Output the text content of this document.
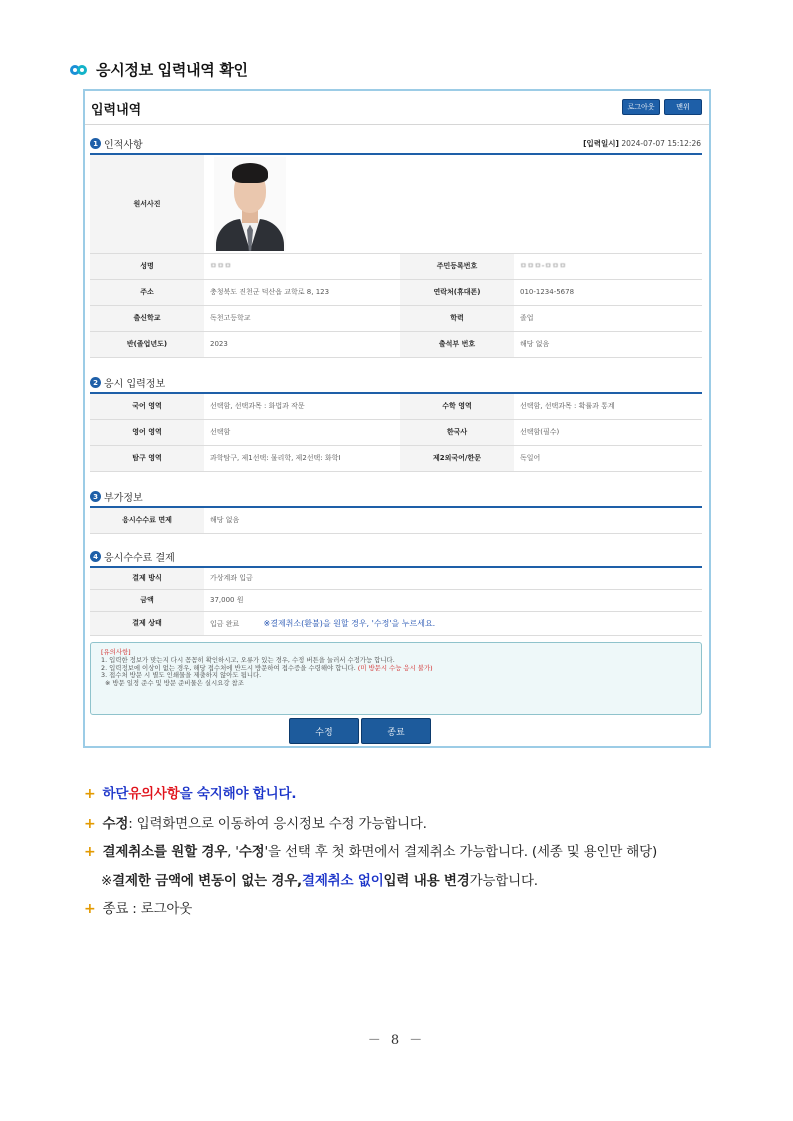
응시정보 입력내역 확인
입력내역	로그아웃	맨위
1 인적사항	[입력일시] 2024-07-07 15:12:26
원서사진			

성명	ㅁㅁㅁ	주민등록번호	ㅁㅁㅁ-ㅁㅁㅁ
주소	충청북도 진천군 덕산읍 교학로 8, 123	연락처(휴대폰)	010-1234-5678
출신학교	독천고등학교	학력	졸업
반(졸업년도)	2023	출석부 번호	해당 없음
2 응시 입력정보
국어 영역	선택함, 선택과목 : 화법과 작문	수학 영역	선택함, 선택과목 : 확률과 통계
영어 영역	선택함	한국사	선택함(필수)
탐구 영역	과학탐구, 제1선택: 물리학, 제2선택: 화학I	제2외국어/한문	독일어
3 부가정보
응시수수료 면제	해당 없음
4 응시수수료 결제
결제 방식	가상계좌 입금
금액	37,000 원
결제 상태	입금 완료 ※결제취소(환불)을 원할 경우, '수정'을 누르세요.
[유의사항]
1. 입력한 정보가 맞는지 다시 꼼꼼히 확인하시고, 오류가 있는 경우, 수정 버튼을 눌러서 수정가능 합니다.
2. 입력정보에 이상이 없는 경우, 해당 접수처에 반드시 방문하여 접수증을 수령해야 합니다. (미 방문시 수능 응시 불가)
3. 접수처 방문 시 별도 인쇄물을 제출하지 않아도 됩니다.
※ 방문 일정 준수 및 방문 준비물은 실시요강 참조
수정	종료
+ 하단 유의사항 을 숙지해야 합니다.
+ 수정 : 입력화면으로 이동하여 응시정보 수정 가능합니다.
+ 결제취소를 원할 경우 , ' 수정 '을 선택 후 첫 화면에서 결제취소 가능합니다. (세종 및 용인만 해당)
※ 결제한 금액에 변동이 없는 경우, 결제취소 없이 입력 내용 변경 가능합니다.
+ 종료 : 로그아웃
－ 8 －
